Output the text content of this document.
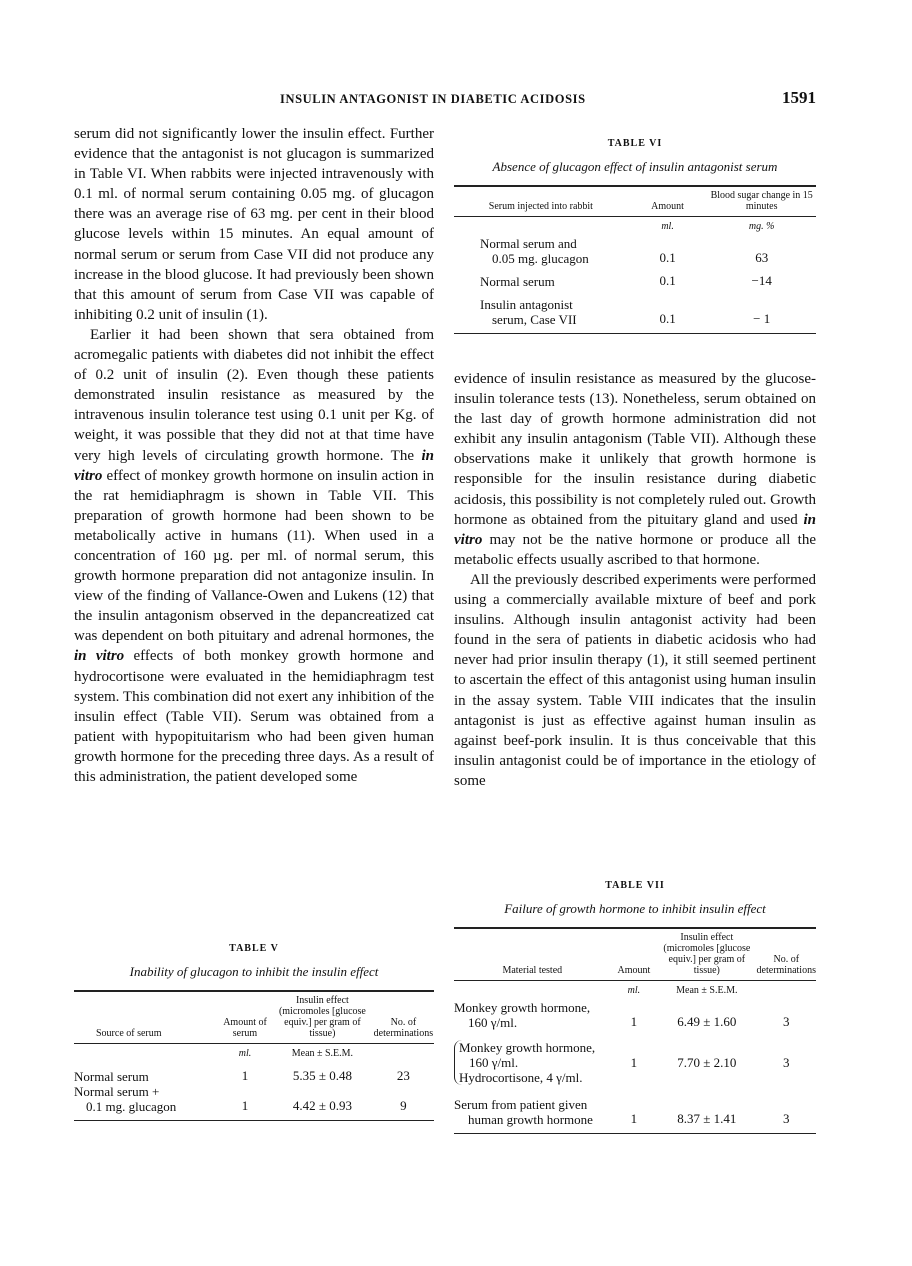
INSULIN ANTAGONIST IN DIABETIC ACIDOSIS	1591

serum did not significantly lower the insulin effect. Further evidence that the antagonist is not glucagon is summarized in Table VI. When rabbits were injected intravenously with 0.1 ml. of normal serum containing 0.05 mg. of glucagon there was an average rise of 63 mg. per cent in their blood glucose levels within 15 minutes. An equal amount of normal serum or serum from Case VII did not produce any increase in the blood glucose. It had previously been shown that this amount of serum from Case VII was capable of inhibiting 0.2 unit of insulin (1).

Earlier it had been shown that sera obtained from acromegalic patients with diabetes did not inhibit the effect of 0.2 unit of insulin (2). Even though these patients demonstrated insulin resistance as measured by the intravenous insulin tolerance test using 0.1 unit per Kg. of weight, it was possible that they did not at that time have very high levels of circulating growth hormone. The in vitro effect of monkey growth hormone on insulin action in the rat hemidiaphragm is shown in Table VII. This preparation of growth hormone had been shown to be metabolically active in humans (11). When used in a concentration of 160 µg. per ml. of normal serum, this growth hormone preparation did not antagonize insulin. In view of the finding of Vallance-Owen and Lukens (12) that the insulin antagonism observed in the depancreatized cat was dependent on both pituitary and adrenal hormones, the in vitro effects of both monkey growth hormone and hydrocortisone were evaluated in the hemidiaphragm test system. This combination did not exert any inhibition of the insulin effect (Table VII). Serum was obtained from a patient with hypopituitarism who had been given human growth hormone for the preceding three days. As a result of this administration, the patient developed some

TABLE VI
Absence of glucagon effect of insulin antagonist serum
Serum injected into rabbit	Amount	Blood sugar change in 15 minutes

	ml.	mg. %

Normal serum and
0.05 mg. glucagon	0.1	63
Normal serum	0.1	−14

Insulin antagonist
serum, Case VII	0.1	− 1

evidence of insulin resistance as measured by the glucose-insulin tolerance tests (13). Nonetheless, serum obtained on the last day of growth hormone administration did not exhibit any insulin antagonism (Table VII). Although these observations make it unlikely that growth hormone is responsible for the insulin resistance during diabetic acidosis, this possibility is not completely ruled out. Growth hormone as obtained from the pituitary gland and used in vitro may not be the native hormone or produce all the metabolic effects usually ascribed to that hormone.

All the previously described experiments were performed using a commercially available mixture of beef and pork insulins. Although insulin antagonist activity had been found in the sera of patients in diabetic acidosis who had never had prior insulin therapy (1), it still seemed pertinent to ascertain the effect of this antagonist using human insulin in the assay system. Table VIII indicates that the insulin antagonist is just as effective against human insulin as against beef-pork insulin. It is thus conceivable that this insulin antagonist could be of importance in the etiology of some

TABLE V
Inability of glucagon to inhibit the insulin effect
Source of serum	Amount of serum	Insulin effect (micromoles [glucose equiv.] per gram of tissue)	No. of determinations

	ml.	Mean ± S.E.M.	
Normal serum	1	5.35 ± 0.48	23

Normal serum +
0.1 mg. glucagon	1	4.42 ± 0.93	9

TABLE VII
Failure of growth hormone to inhibit insulin effect
Material tested	Amount	Insulin effect (micromoles [glucose equiv.] per gram of tissue)	No. of determinations

	ml.	Mean ± S.E.M.	

Monkey growth hormone,
160 γ/ml.	1	6.49 ± 1.60	3

Monkey growth hormone,
160 γ/ml.
Hydrocortisone, 4 γ/ml.	1	7.70 ± 2.10	3

Serum from patient given
human growth hormone	1	8.37 ± 1.41	3
